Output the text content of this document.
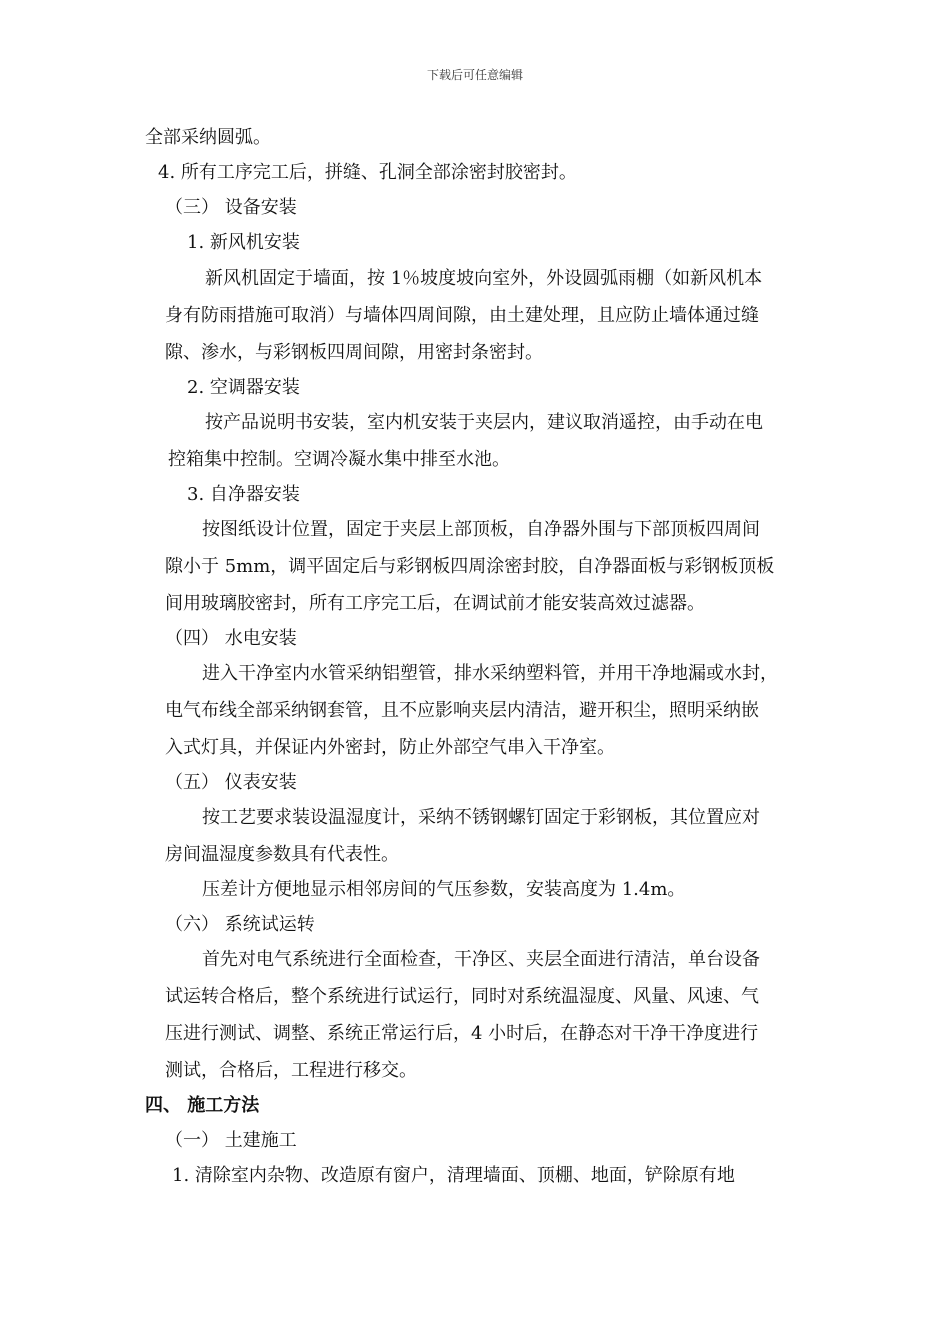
下载后可任意编辑
全部采纳圆弧。
4. 所有工序完工后，拼缝、孔洞全部涂密封胶密封。
（三） 设备安装
1. 新风机安装
新风机固定于墙面，按 1％坡度坡向室外，外设圆弧雨棚（如新风机本
身有防雨措施可取消）与墙体四周间隙，由土建处理，且应防止墙体通过缝
隙、渗水，与彩钢板四周间隙，用密封条密封。
2. 空调器安装
按产品说明书安装，室内机安装于夹层内，建议取消遥控，由手动在电
控箱集中控制。空调冷凝水集中排至水池。
3. 自净器安装
按图纸设计位置，固定于夹层上部顶板，自净器外围与下部顶板四周间
隙小于 5mm，调平固定后与彩钢板四周涂密封胶，自净器面板与彩钢板顶板
间用玻璃胶密封，所有工序完工后，在调试前才能安装高效过滤器。
（四） 水电安装
进入干净室内水管采纳铝塑管，排水采纳塑料管，并用干净地漏或水封，
电气布线全部采纳钢套管，且不应影响夹层内清洁，避开积尘，照明采纳嵌
入式灯具，并保证内外密封，防止外部空气串入干净室。
（五） 仪表安装
按工艺要求装设温湿度计，采纳不锈钢螺钉固定于彩钢板，其位置应对
房间温湿度参数具有代表性。
压差计方便地显示相邻房间的气压参数，安装高度为 1.4m。
（六） 系统试运转
首先对电气系统进行全面检查，干净区、夹层全面进行清洁，单台设备
试运转合格后，整个系统进行试运行，同时对系统温湿度、风量、风速、气
压进行测试、调整、系统正常运行后，4 小时后，在静态对干净干净度进行
测试，合格后，工程进行移交。
四、 施工方法
（一） 土建施工
1. 清除室内杂物、改造原有窗户，清理墙面、顶棚、地面，铲除原有地
